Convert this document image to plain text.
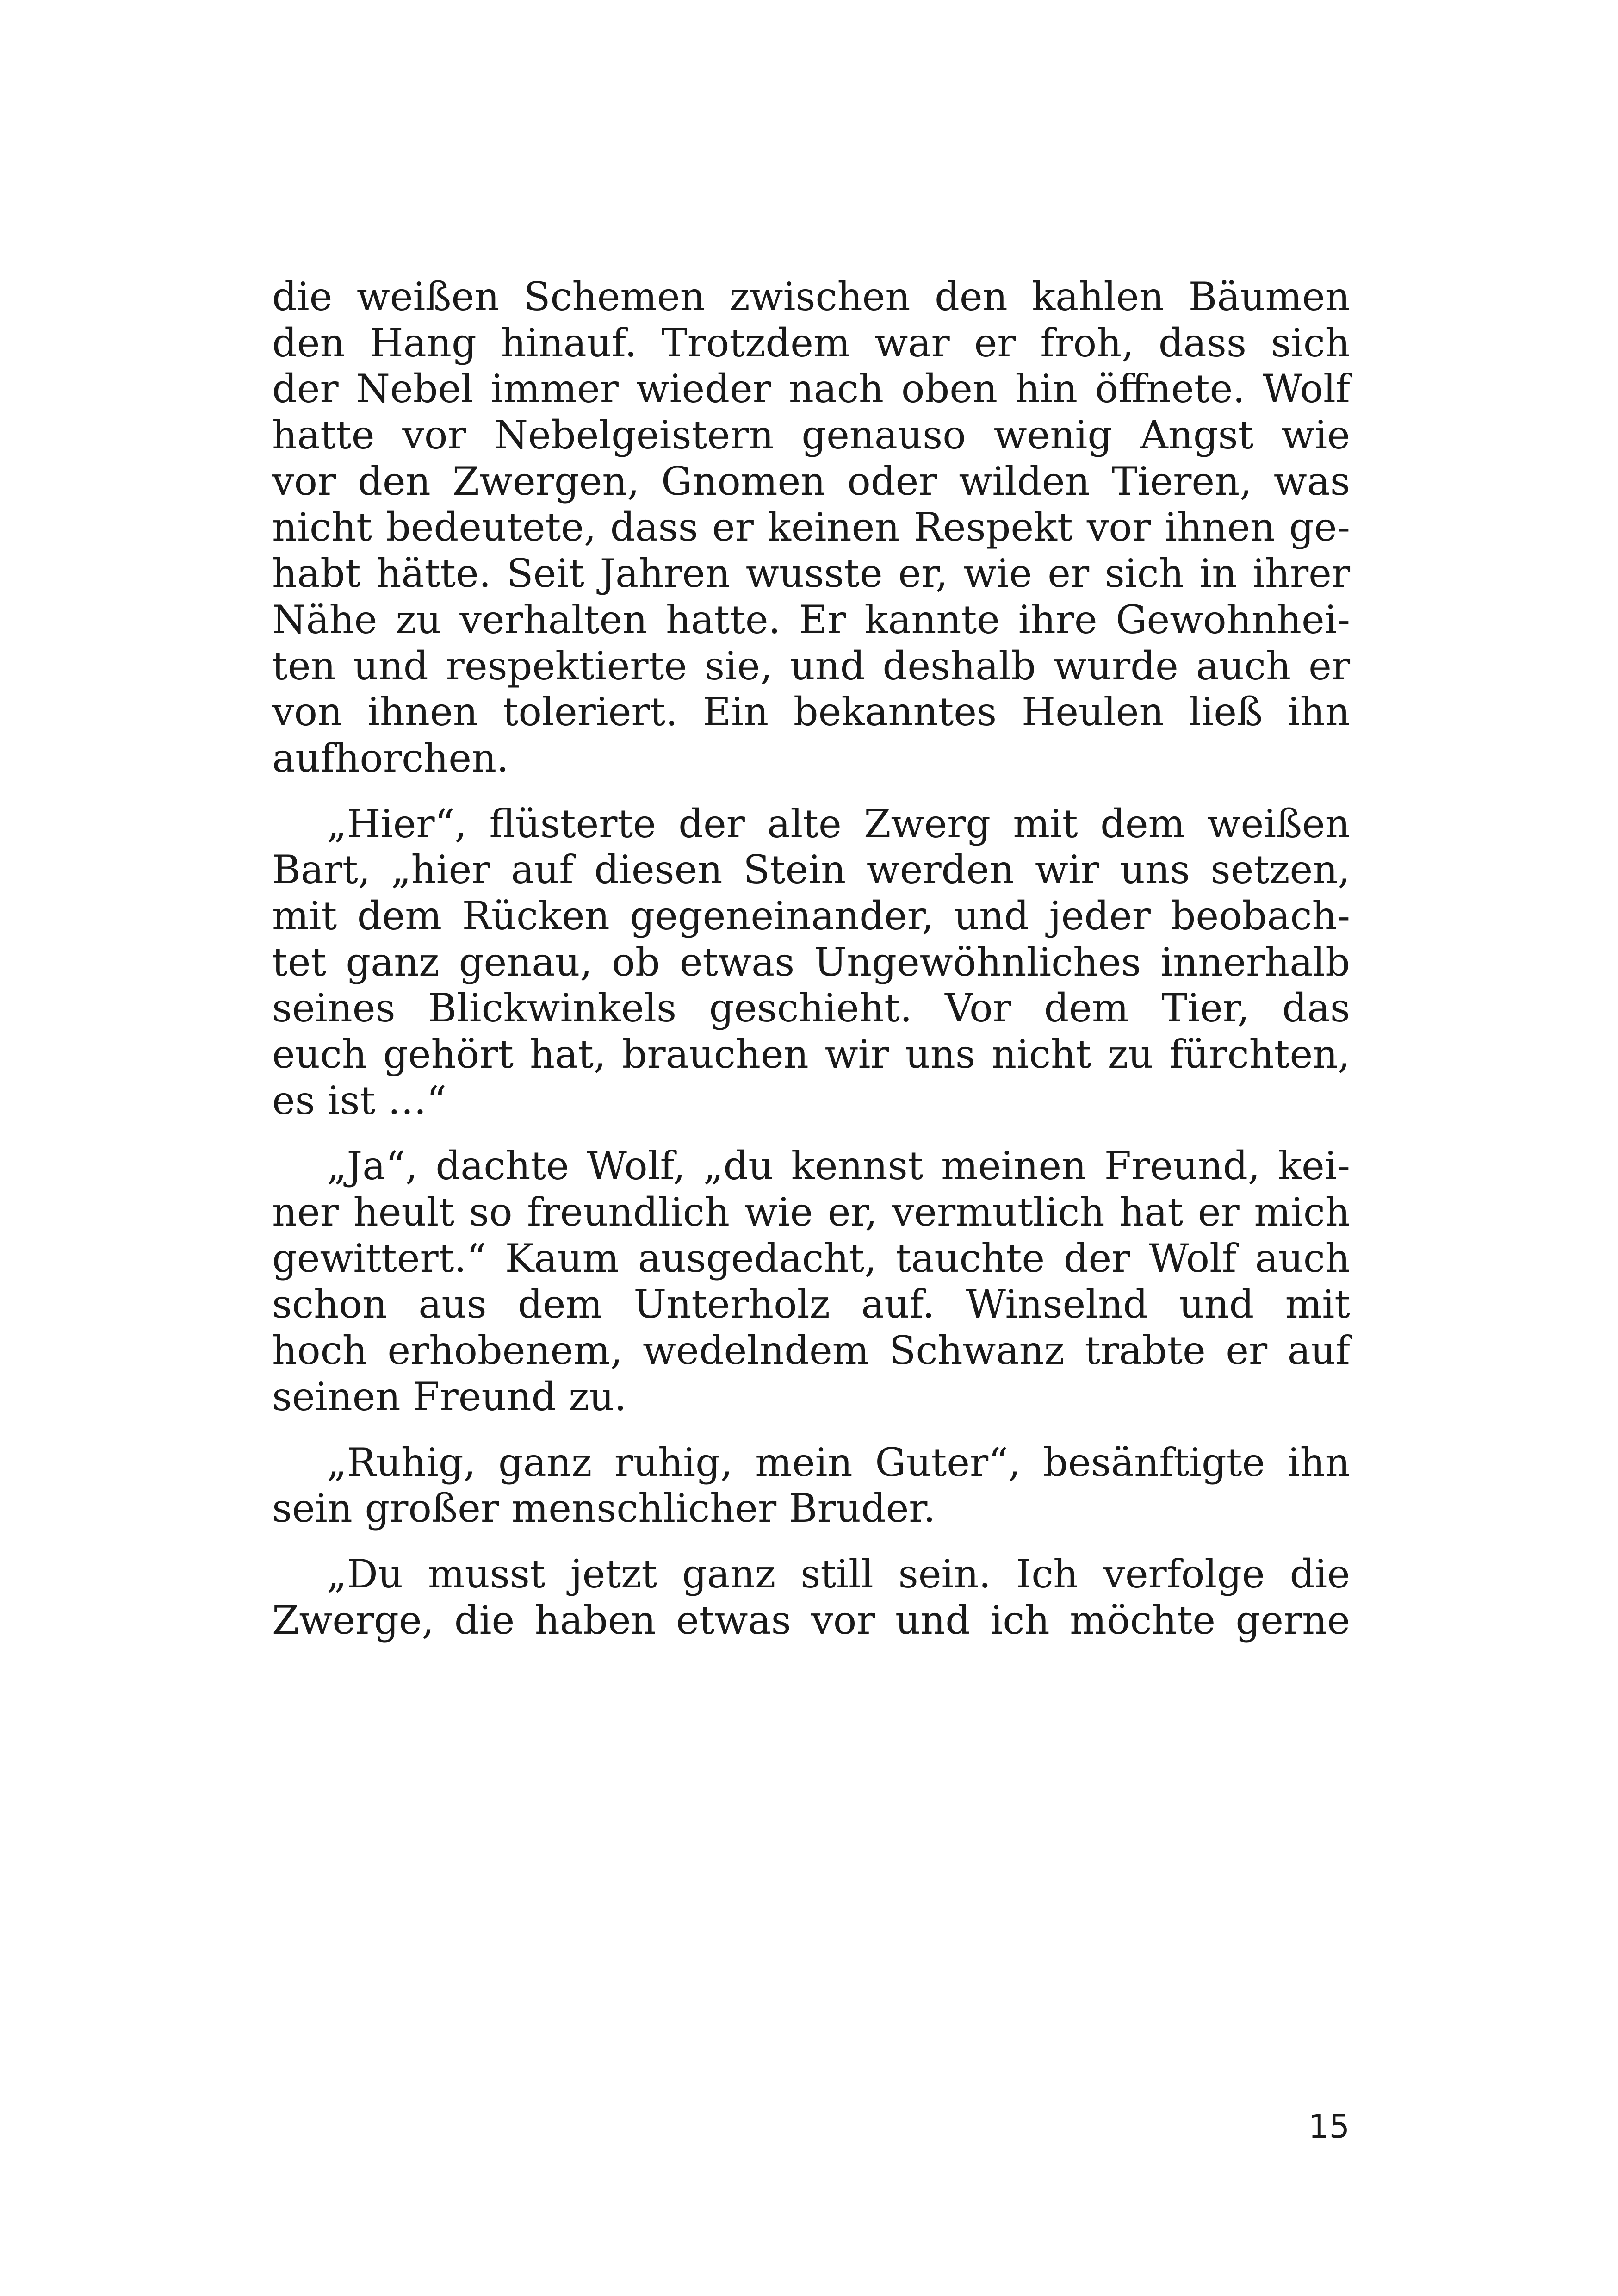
die weißen Schemen zwischen den kahlen Bäumen
den Hang hinauf. Trotzdem war er froh, dass sich
der Nebel immer wieder nach oben hin öffnete. Wolf
hatte vor Nebelgeistern genauso wenig Angst wie
vor den Zwergen, Gnomen oder wilden Tieren, was
nicht bedeutete, dass er keinen Respekt vor ihnen ge-
habt hätte. Seit Jahren wusste er, wie er sich in ihrer
Nähe zu verhalten hatte. Er kannte ihre Gewohnhei-
ten und respektierte sie, und deshalb wurde auch er
von ihnen toleriert. Ein bekanntes Heulen ließ ihn
aufhorchen.
„Hier“, flüsterte der alte Zwerg mit dem weißen
Bart, „hier auf diesen Stein werden wir uns setzen,
mit dem Rücken gegeneinander, und jeder beobach-
tet ganz genau, ob etwas Ungewöhnliches innerhalb
seines Blickwinkels geschieht. Vor dem Tier, das
euch gehört hat, brauchen wir uns nicht zu fürchten,
es ist …“
„Ja“, dachte Wolf, „du kennst meinen Freund, kei-
ner heult so freundlich wie er, vermutlich hat er mich
gewittert.“ Kaum ausgedacht, tauchte der Wolf auch
schon aus dem Unterholz auf. Winselnd und mit
hoch erhobenem, wedelndem Schwanz trabte er auf
seinen Freund zu.
„Ruhig, ganz ruhig, mein Guter“, besänftigte ihn
sein großer menschlicher Bruder.
„Du musst jetzt ganz still sein. Ich verfolge die
Zwerge, die haben etwas vor und ich möchte gerne
15
